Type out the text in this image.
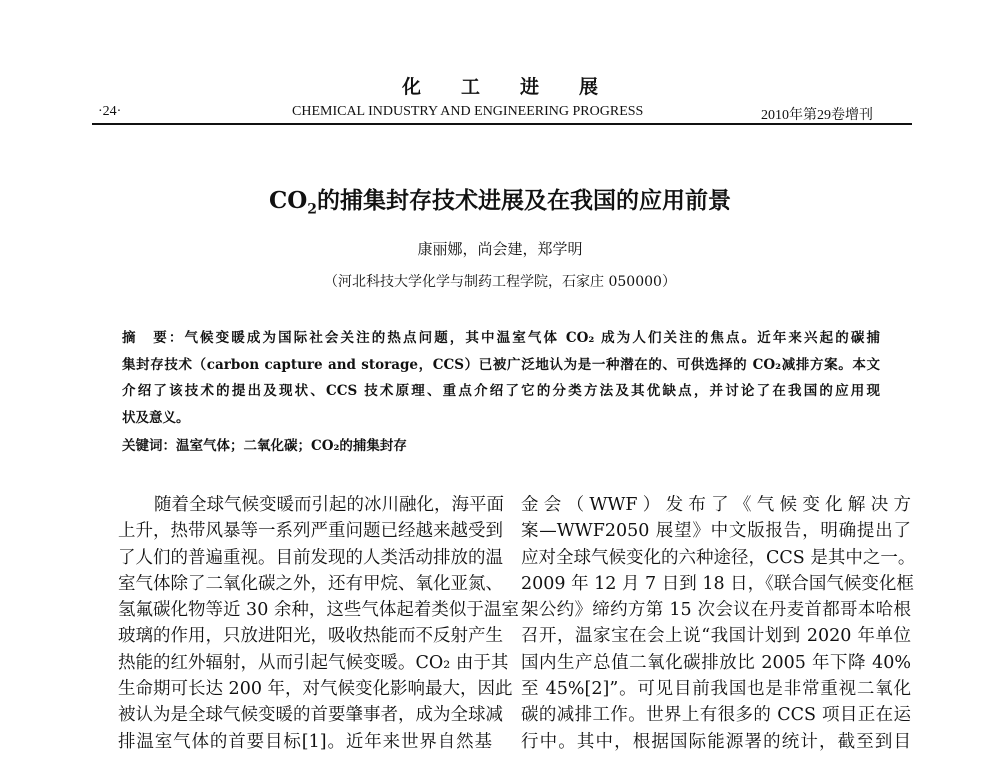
化工进展
·24·	CHEMICAL INDUSTRY AND ENGINEERING PROGRESS	2010年第29卷增刊
$CO_2$的捕集封存技术进展及在我国的应用前景
康丽娜，尚会建，郑学明
（河北科技大学化学与制药工程学院，石家庄 050000）
摘　要：气候变暖成为国际社会关注的热点问题，其中温室气体 CO₂ 成为人们关注的焦点。近年来兴起的碳捕
集封存技术（carbon capture and storage，CCS）已被广泛地认为是一种潜在的、可供选择的 CO₂减排方案。本文
介绍了该技术的提出及现状、CCS 技术原理、重点介绍了它的分类方法及其优缺点，并讨论了在我国的应用现
状及意义。
关键词：温室气体；二氧化碳；CO₂的捕集封存
随着全球气候变暖而引起的冰川融化，海平面
上升，热带风暴等一系列严重问题已经越来越受到
了人们的普遍重视。目前发现的人类活动排放的温
室气体除了二氧化碳之外，还有甲烷、氧化亚氮、
氢氟碳化物等近 30 余种，这些气体起着类似于温室
玻璃的作用，只放进阳光，吸收热能而不反射产生
热能的红外辐射，从而引起气候变暖。CO₂ 由于其
生命期可长达 200 年，对气候变化影响最大，因此
被认为是全球气候变暖的首要肇事者，成为全球减
排温室气体的首要目标[1]。近年来世界自然基
金会（WWF）发布了《气候变化解决方
案—WWF2050 展望》中文版报告，明确提出了
应对全球气候变化的六种途径，CCS 是其中之一。
2009 年 12 月 7 日到 18 日，《联合国气候变化框
架公约》缔约方第 15 次会议在丹麦首都哥本哈根
召开，温家宝在会上说“我国计划到 2020 年单位
国内生产总值二氧化碳排放比 2005 年下降 40%
至 45%[2]”。可见目前我国也是非常重视二氧化
碳的减排工作。世界上有很多的 CCS 项目正在运
行中。其中，根据国际能源署的统计，截至到目
